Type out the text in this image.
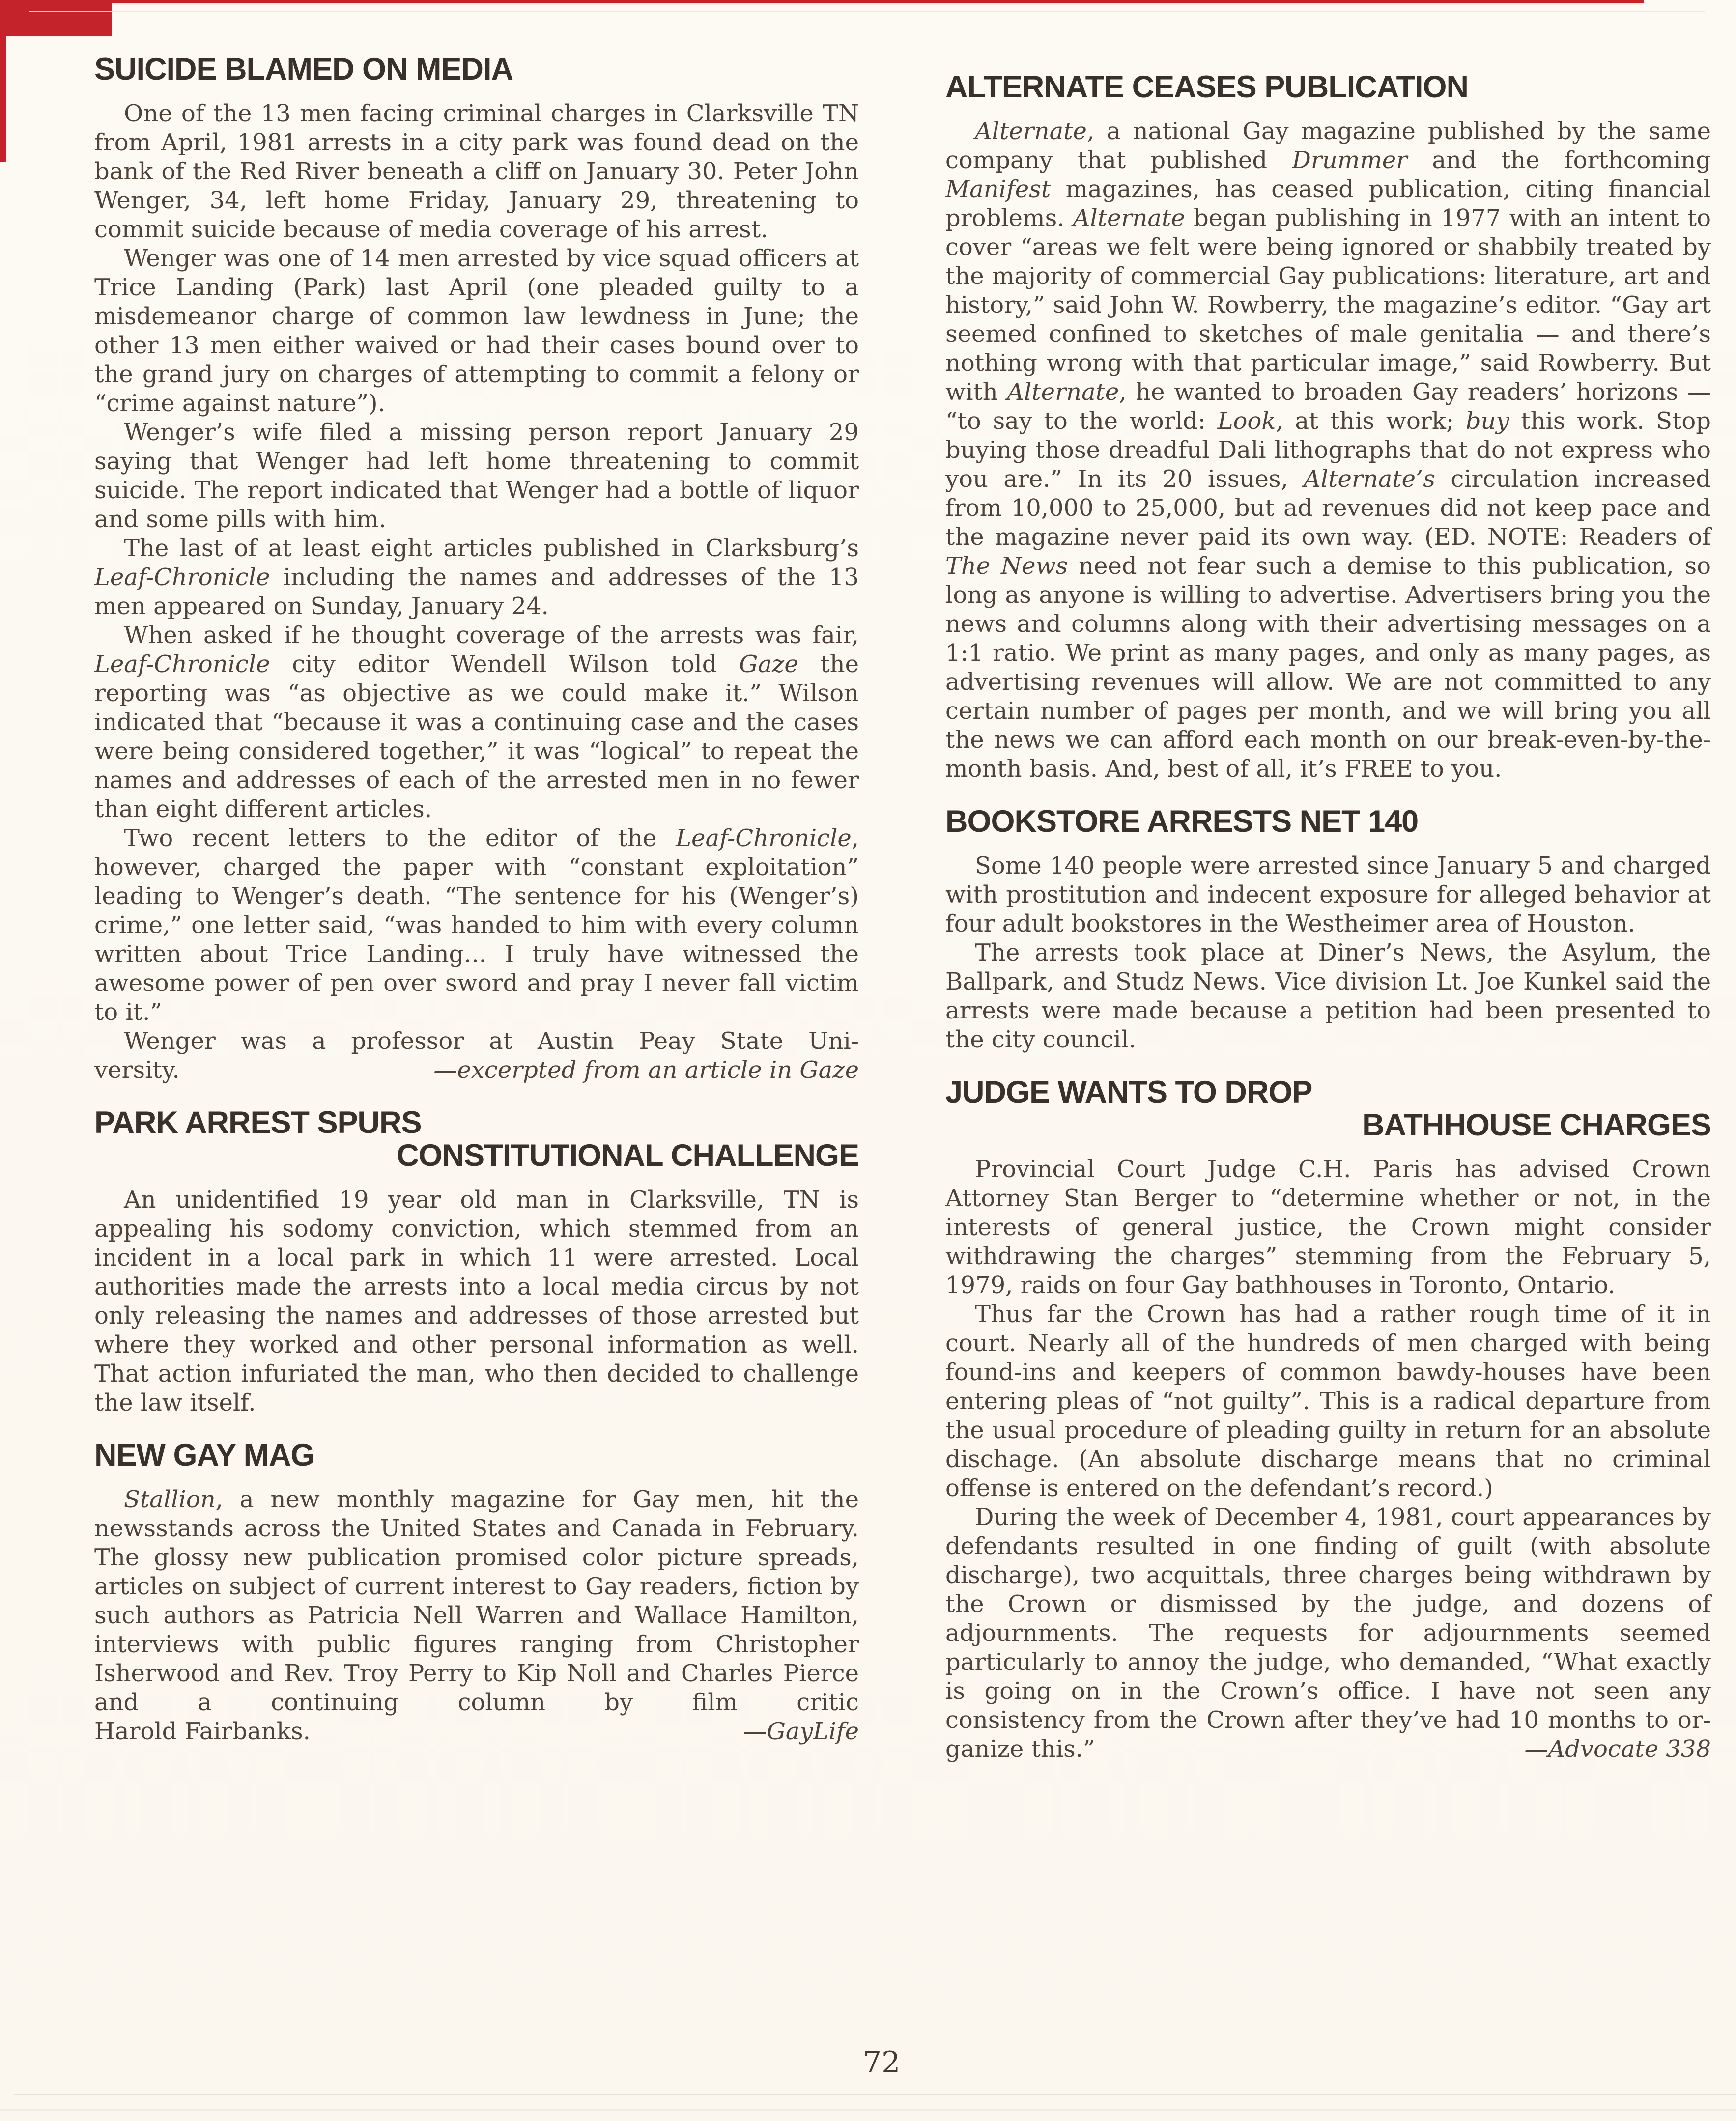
SUICIDE BLAMED ON MEDIA

One of the 13 men facing criminal charges in Clarksville TN from April, 1981 arrests in a city park was found dead on the bank of the Red River beneath a cliff on January 30. Peter John Wenger, 34, left home Friday, January 29, threatening to commit suicide because of media coverage of his arrest.

Wenger was one of 14 men arrested by vice squad officers at Trice Landing (Park) last April (one pleaded guilty to a misdemeanor charge of common law lewdness in June; the other 13 men either waived or had their cases bound over to the grand jury on charges of attempting to commit a felony or “crime against nature”).

Wenger’s wife filed a missing person report January 29 saying that Wenger had left home threatening to commit suicide. The report indicated that Wenger had a bottle of liquor and some pills with him.

The last of at least eight articles published in Clarksburg’s Leaf-Chronicle including the names and addresses of the 13 men appeared on Sunday, January 24.

When asked if he thought coverage of the arrests was fair, Leaf-Chronicle city editor Wendell Wilson told Gaze the reporting was “as objective as we could make it.” Wilson indicated that “because it was a continuing case and the cases were being considered together,” it was “logical” to repeat the names and addresses of each of the arrested men in no fewer than eight different articles.

Two recent letters to the editor of the Leaf-Chronicle, however, charged the paper with “constant exploitation” leading to Wenger’s death. “The sentence for his (Wenger’s) crime,” one letter said, “was handed to him with every column written about Trice Landing... I truly have witnessed the awesome power of pen over sword and pray I never fall victim to it.”

Wenger was a professor at Austin Peay State Uni-

versity.	—excerpted from an article in Gaze
PARK ARREST SPURS
CONSTITUTIONAL CHALLENGE

An unidentified 19 year old man in Clarksville, TN is appealing his sodomy conviction, which stemmed from an incident in a local park in which 11 were arrested. Local authorities made the arrests into a local media circus by not only releasing the names and addresses of those arrested but where they worked and other personal information as well. That action infuriated the man, who then decided to challenge the law itself.

NEW GAY MAG

Stallion, a new monthly magazine for Gay men, hit the newsstands across the United States and Canada in February. The glossy new publication promised color picture spreads, articles on subject of current interest to Gay readers, fiction by such authors as Patricia Nell Warren and Wallace Hamilton, interviews with public figures ranging from Christopher Isherwood and Rev. Troy Perry to Kip Noll and Charles Pierce and a continuing column by film critic

Harold Fairbanks.	—GayLife
ALTERNATE CEASES PUBLICATION

Alternate, a national Gay magazine published by the same company that published Drummer and the forthcoming Manifest magazines, has ceased publication, citing financial problems. Alternate began publishing in 1977 with an intent to cover “areas we felt were being ignored or shabbily treated by the majority of commercial Gay publications: literature, art and history,” said John W. Rowberry, the magazine’s editor. “Gay art seemed confined to sketches of male genitalia — and there’s nothing wrong with that particular image,” said Rowberry. But with Alternate, he wanted to broaden Gay readers’ horizons — “to say to the world: Look, at this work; buy this work. Stop buying those dreadful Dali lithographs that do not express who you are.” In its 20 issues, Alternate’s circulation increased from 10,000 to 25,000, but ad revenues did not keep pace and the magazine never paid its own way. (ED. NOTE: Readers of The News need not fear such a demise to this publication, so long as anyone is willing to advertise. Advertisers bring you the news and columns along with their advertising messages on a 1:1 ratio. We print as many pages, and only as many pages, as advertising revenues will allow. We are not committed to any certain number of pages per month, and we will bring you all the news we can afford each month on our break-even-by-the-month basis. And, best of all, it’s FREE to you.

BOOKSTORE ARRESTS NET 140

Some 140 people were arrested since January 5 and charged with prostitution and indecent exposure for alleged behavior at four adult bookstores in the Westheimer area of Houston.

The arrests took place at Diner’s News, the Asylum, the Ballpark, and Studz News. Vice division Lt. Joe Kunkel said the arrests were made because a petition had been presented to the city council.

JUDGE WANTS TO DROP
BATHHOUSE CHARGES

Provincial Court Judge C.H. Paris has advised Crown Attorney Stan Berger to “determine whether or not, in the interests of general justice, the Crown might consider withdrawing the charges” stemming from the February 5, 1979, raids on four Gay bathhouses in Toronto, Ontario.

Thus far the Crown has had a rather rough time of it in court. Nearly all of the hundreds of men charged with being found-ins and keepers of common bawdy-houses have been entering pleas of “not guilty”. This is a radical departure from the usual procedure of pleading guilty in return for an absolute dischage. (An absolute discharge means that no criminal offense is entered on the defendant’s record.)

During the week of December 4, 1981, court appearances by defendants resulted in one finding of guilt (with absolute discharge), two acquittals, three charges being withdrawn by the Crown or dismissed by the judge, and dozens of adjournments. The requests for adjournments seemed particularly to annoy the judge, who demanded, “What exactly is going on in the Crown’s office. I have not seen any consistency from the Crown after they’ve had 10 months to or-

ganize this.”	—Advocate 338
72
